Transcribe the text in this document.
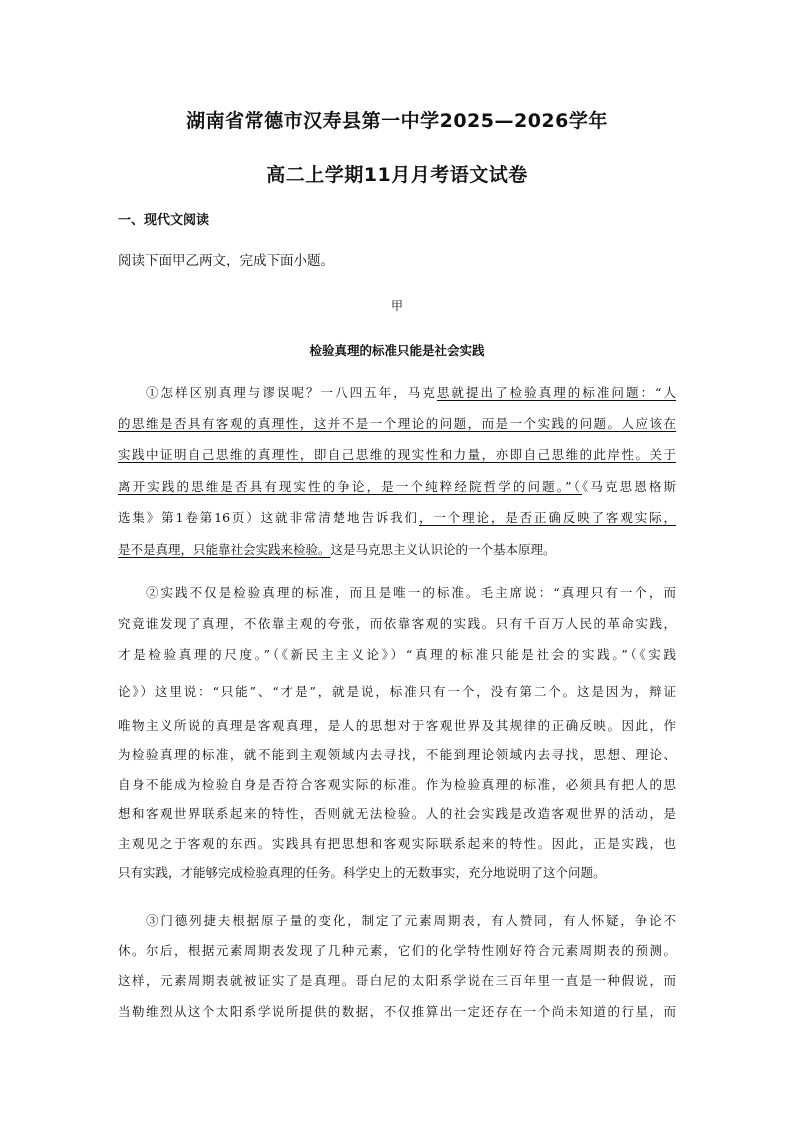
湖南省常德市汉寿县第一中学2025—2026学年
高二上学期11月月考语文试卷
一、现代文阅读
阅读下面甲乙两文，完成下面小题。
甲
检验真理的标准只能是社会实践
①怎样区别真理与谬误呢？一八四五年，马克思就提出了检验真理的标准问题：“人
的思维是否具有客观的真理性，这并不是一个理论的问题，而是一个实践的问题。人应该在
实践中证明自己思维的真理性，即自己思维的现实性和力量，亦即自己思维的此岸性。关于
离开实践的思维是否具有现实性的争论，是一个纯粹经院哲学的问题。”（《马克思恩格斯
选集》第1卷第16页）这就非常清楚地告诉我们，一个理论，是否正确反映了客观实际，
是不是真理，只能靠社会实践来检验。这是马克思主义认识论的一个基本原理。
②实践不仅是检验真理的标准，而且是唯一的标准。毛主席说：“真理只有一个，而
究竟谁发现了真理，不依靠主观的夸张，而依靠客观的实践。只有千百万人民的革命实践，
才是检验真理的尺度。”（《新民主主义论》）“真理的标准只能是社会的实践。”（《实践
论》）这里说：“只能”、“才是”，就是说，标准只有一个，没有第二个。这是因为，辩证
唯物主义所说的真理是客观真理，是人的思想对于客观世界及其规律的正确反映。因此，作
为检验真理的标准，就不能到主观领域内去寻找，不能到理论领域内去寻找，思想、理论、
自身不能成为检验自身是否符合客观实际的标准。作为检验真理的标准，必须具有把人的思
想和客观世界联系起来的特性，否则就无法检验。人的社会实践是改造客观世界的活动，是
主观见之于客观的东西。实践具有把思想和客观实际联系起来的特性。因此，正是实践，也
只有实践，才能够完成检验真理的任务。科学史上的无数事实，充分地说明了这个问题。
③门德列捷夫根据原子量的变化，制定了元素周期表，有人赞同，有人怀疑，争论不
休。尔后，根据元素周期表发现了几种元素，它们的化学特性刚好符合元素周期表的预测。
这样，元素周期表就被证实了是真理。哥白尼的太阳系学说在三百年里一直是一种假说，而
当勒维烈从这个太阳系学说所提供的数据，不仅推算出一定还存在一个尚未知道的行星，而
